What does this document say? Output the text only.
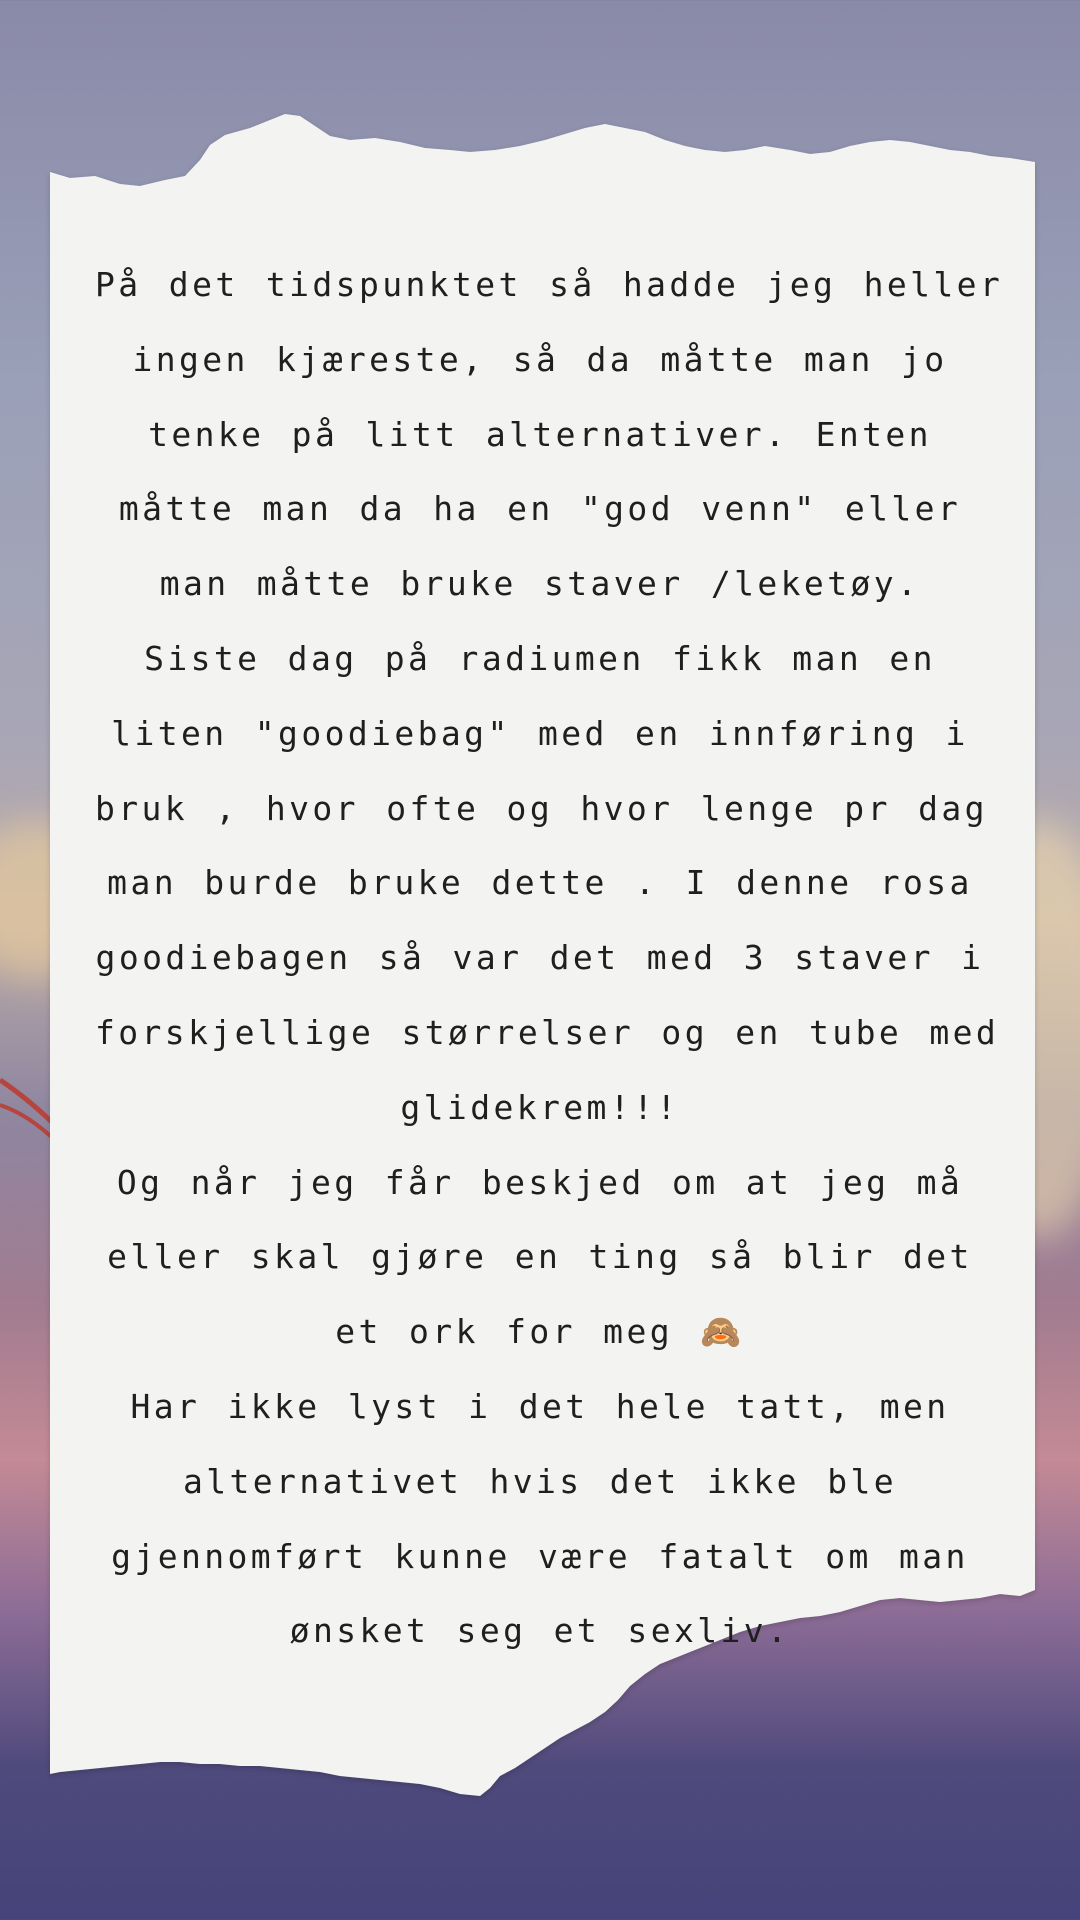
På det tidspunktet så hadde jeg heller
ingen kjæreste, så da måtte man jo
tenke på litt alternativer. Enten
måtte man da ha en "god venn" eller
man måtte bruke staver /leketøy.
Siste dag på radiumen fikk man en
liten "goodiebag" med en innføring i
bruk , hvor ofte og hvor lenge pr dag
man burde bruke dette . I denne rosa
goodiebagen så var det med 3 staver i
forskjellige størrelser og en tube med
glidekrem!!!
Og når jeg får beskjed om at jeg må
eller skal gjøre en ting så blir det
et ork for meg 🙈
Har ikke lyst i det hele tatt, men
alternativet hvis det ikke ble
gjennomført kunne være fatalt om man
ønsket seg et sexliv.
